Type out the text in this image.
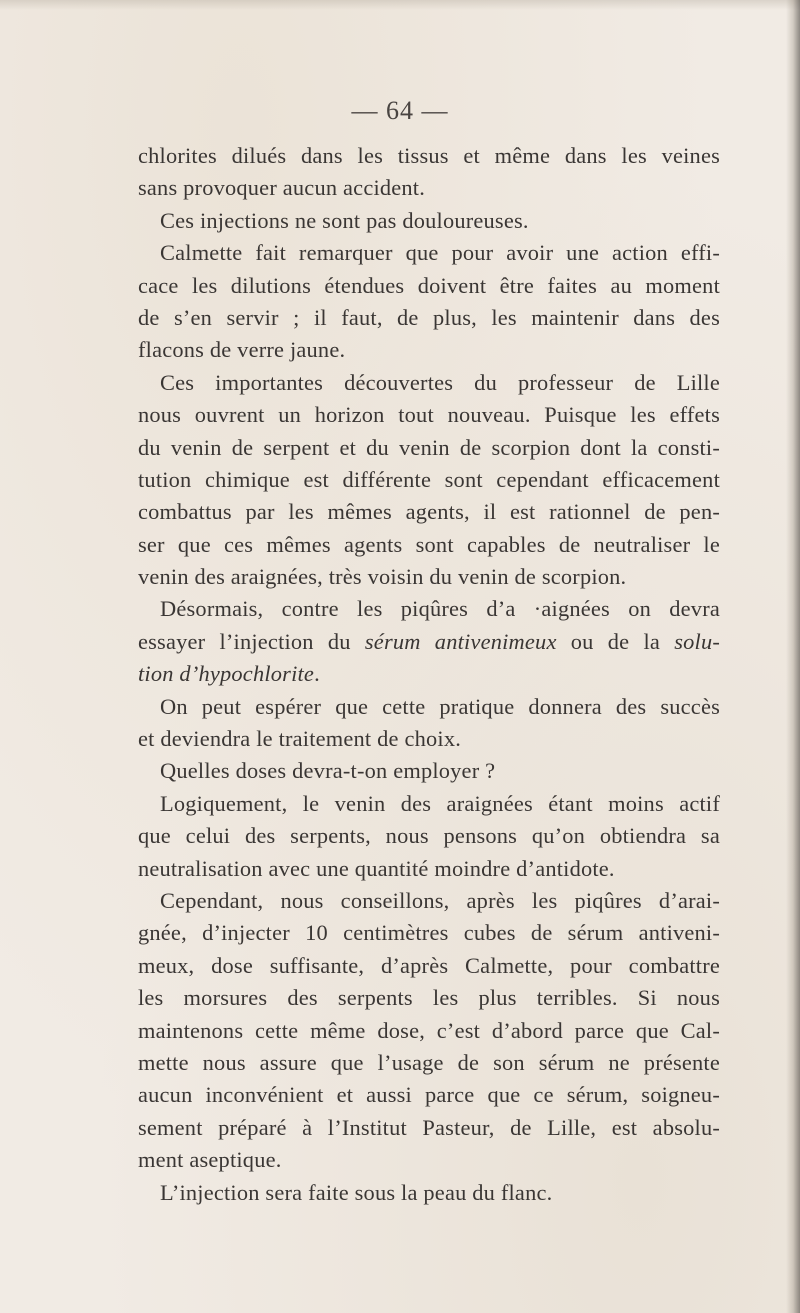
— 64 —
chlorites dilués dans les tissus et même dans les veines
sans provoquer aucun accident.
Ces injections ne sont pas douloureuses.
Calmette fait remarquer que pour avoir une action effi-
cace les dilutions étendues doivent être faites au moment
de s’en servir ; il faut, de plus, les maintenir dans des
flacons de verre jaune.
Ces importantes découvertes du professeur de Lille
nous ouvrent un horizon tout nouveau. Puisque les effets
du venin de serpent et du venin de scorpion dont la consti-
tution chimique est différente sont cependant efficacement
combattus par les mêmes agents, il est rationnel de pen-
ser que ces mêmes agents sont capables de neutraliser le
venin des araignées, très voisin du venin de scorpion.
Désormais, contre les piqûres d’a ·aignées on devra
essayer l’injection du sérum antivenimeux ou de la solu-
tion d’hypochlorite.
On peut espérer que cette pratique donnera des succès
et deviendra le traitement de choix.
Quelles doses devra-t-on employer ?
Logiquement, le venin des araignées étant moins actif
que celui des serpents, nous pensons qu’on obtiendra sa
neutralisation avec une quantité moindre d’antidote.
Cependant, nous conseillons, après les piqûres d’arai-
gnée, d’injecter 10 centimètres cubes de sérum antiveni-
meux, dose suffisante, d’après Calmette, pour combattre
les morsures des serpents les plus terribles. Si nous
maintenons cette même dose, c’est d’abord parce que Cal-
mette nous assure que l’usage de son sérum ne présente
aucun inconvénient et aussi parce que ce sérum, soigneu-
sement préparé à l’Institut Pasteur, de Lille, est absolu-
ment aseptique.
L’injection sera faite sous la peau du flanc.
